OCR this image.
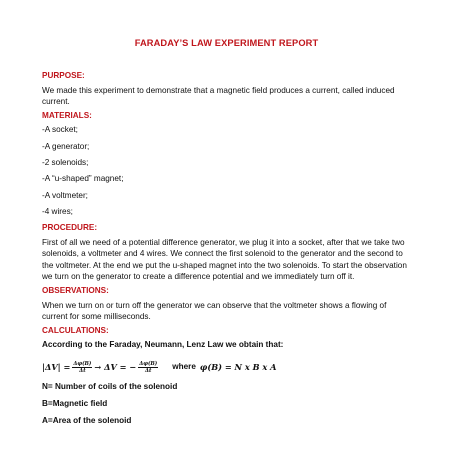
FARADAY’S LAW EXPERIMENT REPORT
PURPOSE:
We made this experiment to demonstrate that a magnetic field produces a current, called induced current.
MATERIALS:
-A socket;
-A generator;
-2 solenoids;
-A “u-shaped” magnet;
-A voltmeter;
-4 wires;
PROCEDURE:
First of all we need of a potential difference generator, we plug it into a socket, after that we take two solenoids, a voltmeter and 4 wires. We connect the first solenoid to the generator and the second to the voltmeter. At the end we put the u-shaped magnet into the two solenoids. To start the observation we turn on the generator to create a difference potential and we immediately turn off it.
OBSERVATIONS:
When we turn on or turn off the generator we can observe that the voltmeter shows a flowing of current for some milliseconds.
CALCULATIONS:
According to the Faraday, Neumann, Lenz Law we obtain that:
$|\Delta V| = \frac{\Delta\varphi(B)}{\Delta t} \to \Delta V$ = − $\frac{\Delta\varphi(B)}{\Delta t}$ where φ(B) = N x B x A
N= Number of coils of the solenoid
B=Magnetic field
A=Area of the solenoid
